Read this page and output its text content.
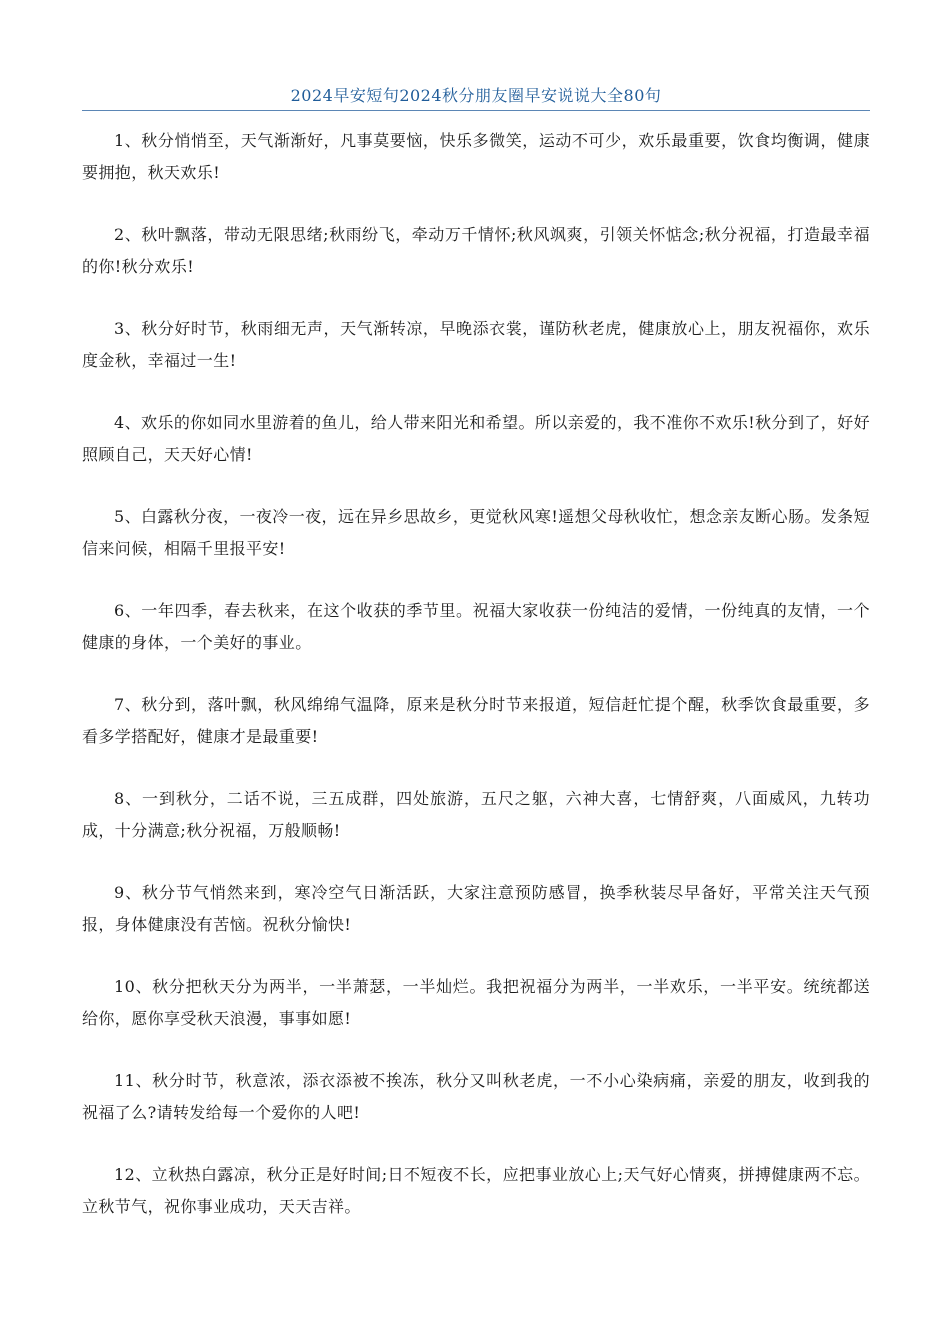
2024早安短句2024秋分朋友圈早安说说大全80句

1、秋分悄悄至，天气渐渐好，凡事莫要恼，快乐多微笑，运动不可少，欢乐最重要，饮食均衡调，健康要拥抱，秋天欢乐!

2、秋叶飘落，带动无限思绪;秋雨纷飞，牵动万千情怀;秋风飒爽，引领关怀惦念;秋分祝福，打造最幸福的你!秋分欢乐!

3、秋分好时节，秋雨细无声，天气渐转凉，早晚添衣裳，谨防秋老虎，健康放心上，朋友祝福你，欢乐度金秋，幸福过一生!

4、欢乐的你如同水里游着的鱼儿，给人带来阳光和希望。所以亲爱的，我不准你不欢乐!秋分到了，好好照顾自己，天天好心情!

5、白露秋分夜，一夜冷一夜，远在异乡思故乡，更觉秋风寒!遥想父母秋收忙，想念亲友断心肠。发条短信来问候，相隔千里报平安!

6、一年四季，春去秋来，在这个收获的季节里。祝福大家收获一份纯洁的爱情，一份纯真的友情，一个健康的身体，一个美好的事业。

7、秋分到，落叶飘，秋风绵绵气温降，原来是秋分时节来报道，短信赶忙提个醒，秋季饮食最重要，多看多学搭配好，健康才是最重要!

8、一到秋分，二话不说，三五成群，四处旅游，五尺之躯，六神大喜，七情舒爽，八面威风，九转功成，十分满意;秋分祝福，万般顺畅!

9、秋分节气悄然来到，寒冷空气日渐活跃，大家注意预防感冒，换季秋装尽早备好，平常关注天气预报，身体健康没有苦恼。祝秋分愉快!

10、秋分把秋天分为两半，一半萧瑟，一半灿烂。我把祝福分为两半，一半欢乐，一半平安。统统都送给你，愿你享受秋天浪漫，事事如愿!

11、秋分时节，秋意浓，添衣添被不挨冻，秋分又叫秋老虎，一不小心染病痛，亲爱的朋友，收到我的祝福了么?请转发给每一个爱你的人吧!

12、立秋热白露凉，秋分正是好时间;日不短夜不长，应把事业放心上;天气好心情爽，拼搏健康两不忘。立秋节气，祝你事业成功，天天吉祥。
